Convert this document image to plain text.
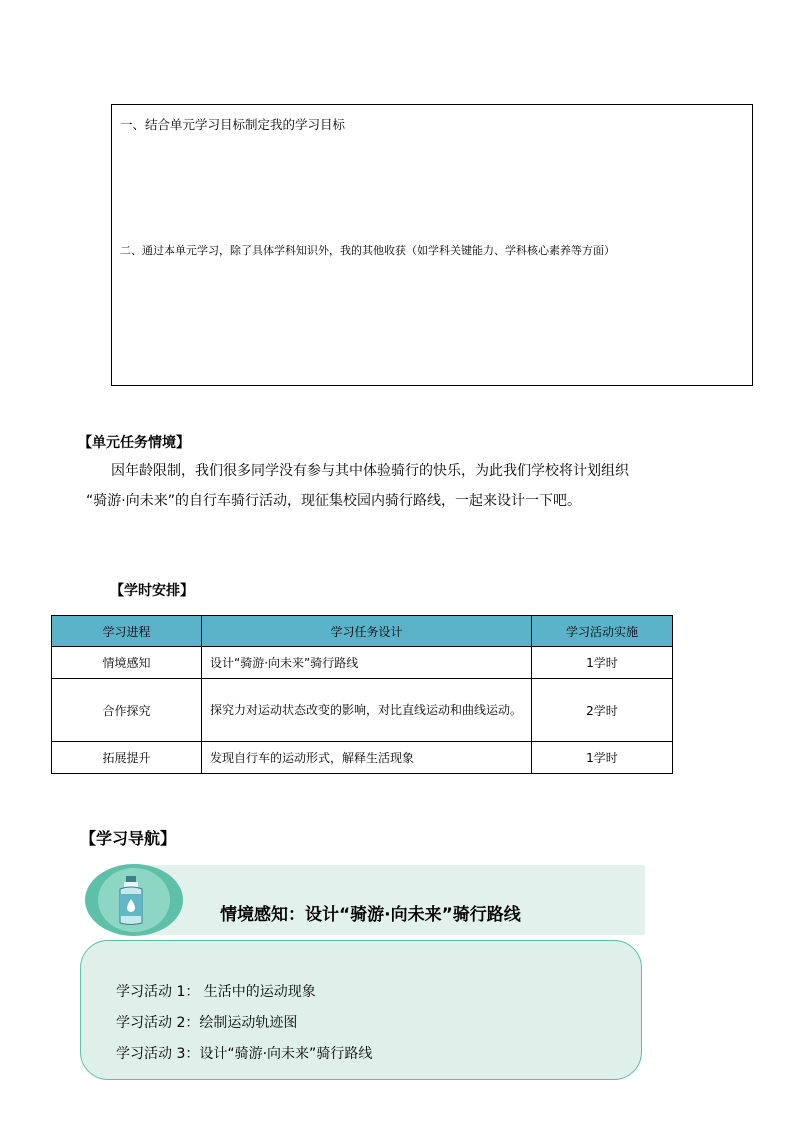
一、结合单元学习目标制定我的学习目标
二、通过本单元学习，除了具体学科知识外，我的其他收获（如学科关键能力、学科核心素养等方面）
【单元任务情境】
因年龄限制，我们很多同学没有参与其中体验骑行的快乐，为此我们学校将计划组织
“骑游·向未来”的自行车骑行活动，现征集校园内骑行路线，一起来设计一下吧。
【学时安排】
学习进程	学习任务设计	学习活动实施
情境感知	设计“骑游·向未来”骑行路线	1学时
合作探究	探究力对运动状态改变的影响，对比直线运动和曲线运动。	2学时
拓展提升	发现自行车的运动形式，解释生活现象	1学时
【学习导航】
情境感知：设计“骑游·向未来”骑行路线
学习活动 1： 生活中的运动现象
学习活动 2：绘制运动轨迹图
学习活动 3：设计“骑游·向未来”骑行路线
